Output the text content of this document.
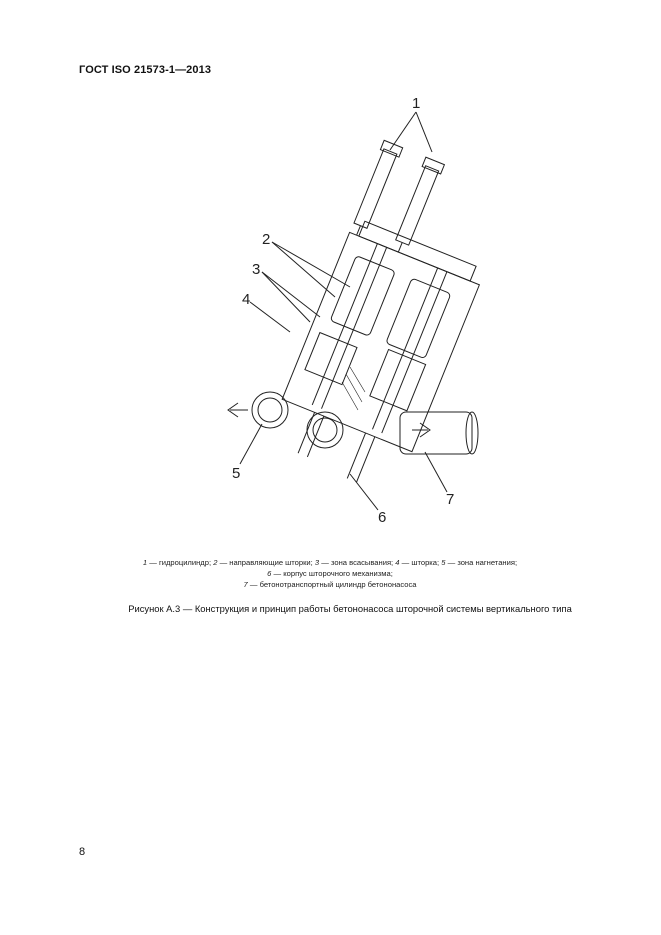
ГОСТ ISO 21573-1—2013
1
2
3
4
5
6
7
1 — гидроцилиндр; 2 — направляющие шторки; 3 — зона всасывания; 4 — шторка; 5 — зона нагнетания;
6 — корпус шторочного механизма;
7 — бетонотранспортный цилиндр бетононасоса
Рисунок А.3 — Конструкция и принцип работы бетононасоса шторочной системы вертикального типа
8
